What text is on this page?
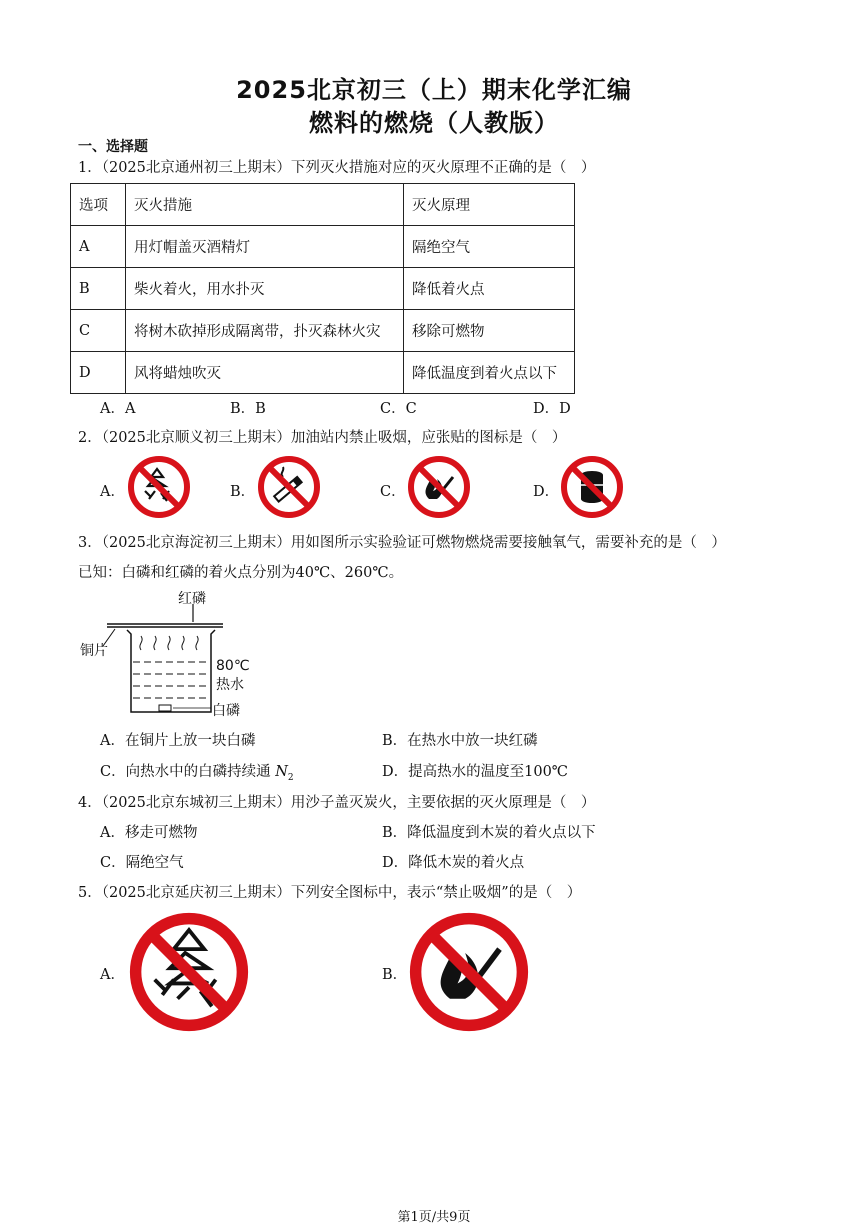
2025北京初三（上）期末化学汇编
燃料的燃烧（人教版）
一、选择题
1．（2025北京通州初三上期末）下列灭火措施对应的灭火原理不正确的是（　）
选项	灭火措施	灭火原理
A	用灯帽盖灭酒精灯	隔绝空气
B	柴火着火，用水扑灭	降低着火点
C	将树木砍掉形成隔离带，扑灭森林火灾	移除可燃物
D	风将蜡烛吹灭	降低温度到着火点以下
A．A	B．B	C．C	D．D
2．（2025北京顺义初三上期末）加油站内禁止吸烟，应张贴的图标是（　）
A．	B．	C．	D．
3．（2025北京海淀初三上期末）用如图所示实验验证可燃物燃烧需要接触氧气，需要补充的是（　）
已知：白磷和红磷的着火点分别为40℃、260℃。
红磷
铜片
80℃
热水
白磷
A．在铜片上放一块白磷	B．在热水中放一块红磷
C．向热水中的白磷持续通 $N_2$	D．提高热水的温度至100℃
4．（2025北京东城初三上期末）用沙子盖灭炭火，主要依据的灭火原理是（　）
A．移走可燃物	B．降低温度到木炭的着火点以下
C．隔绝空气	D．降低木炭的着火点
5．（2025北京延庆初三上期末）下列安全图标中，表示“禁止吸烟”的是（　）
A．	B．
第1页/共9页
